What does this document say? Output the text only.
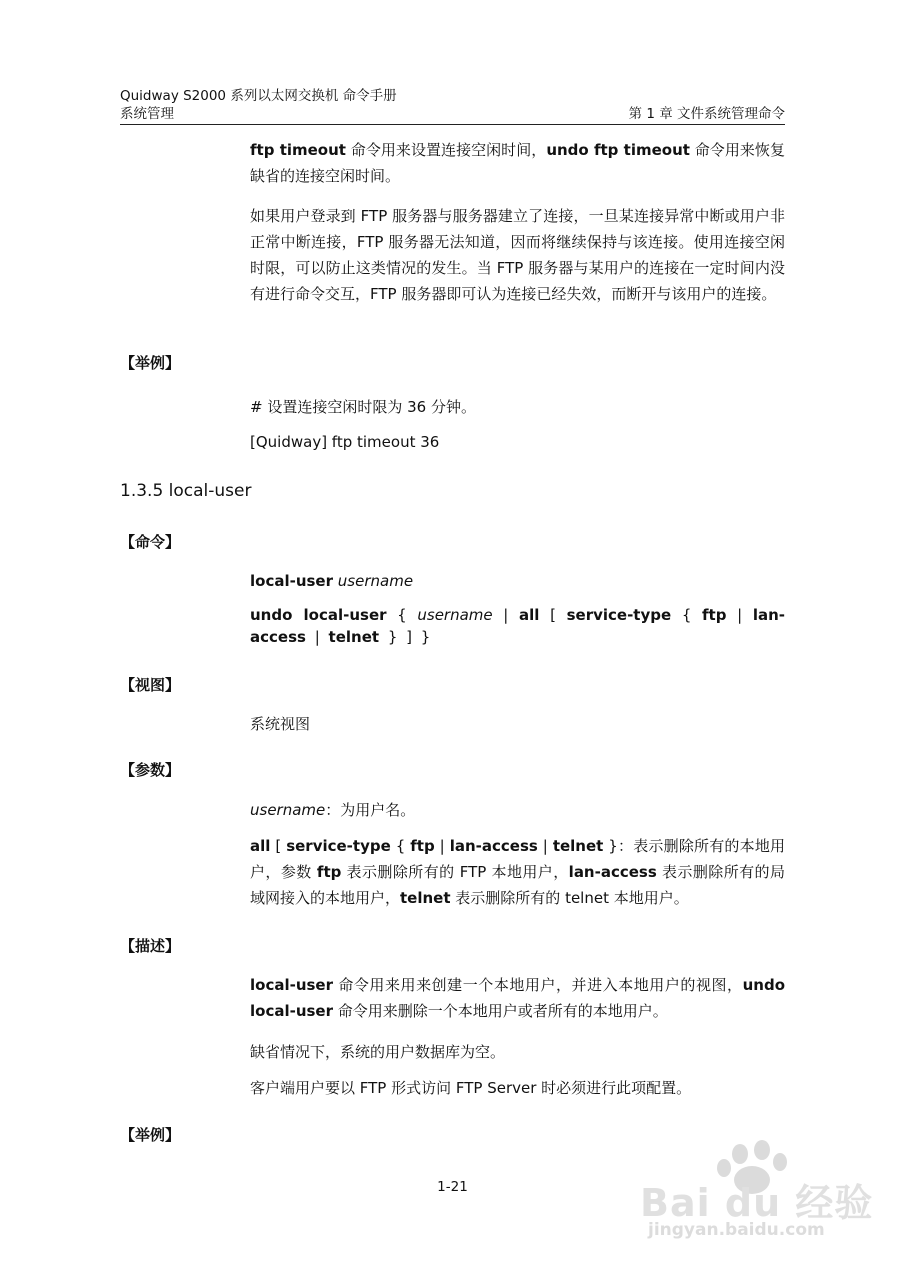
Quidway S2000 系列以太网交换机 命令手册
系统管理	第 1 章 文件系统管理命令

ftp timeout 命令用来设置连接空闲时间，undo ftp timeout 命令用来恢复缺省的连接空闲时间。

如果用户登录到 FTP 服务器与服务器建立了连接，一旦某连接异常中断或用户非正常中断连接，FTP 服务器无法知道，因而将继续保持与该连接。使用连接空闲时限，可以防止这类情况的发生。当 FTP 服务器与某用户的连接在一定时间内没有进行命令交互，FTP 服务器即可认为连接已经失效，而断开与该用户的连接。

【举例】
# 设置连接空闲时限为 36 分钟。
[Quidway] ftp timeout 36
1.3.5 local-user
【命令】
local-user username
undo local-user { username | all [ service-type { ftp | lan-access | telnet } ] }
【视图】
系统视图
【参数】
username：为用户名。
all [ service-type { ftp | lan-access | telnet }：表示删除所有的本地用户，参数 ftp 表示删除所有的 FTP 本地用户，lan-access 表示删除所有的局域网接入的本地用户，telnet 表示删除所有的 telnet 本地用户。
【描述】
local-user 命令用来用来创建一个本地用户，并进入本地用户的视图，undo local-user 命令用来删除一个本地用户或者所有的本地用户。
缺省情况下，系统的用户数据库为空。
客户端用户要以 FTP 形式访问 FTP Server 时必须进行此项配置。
【举例】
1-21	Bai du 经验
jingyan.baidu.com
